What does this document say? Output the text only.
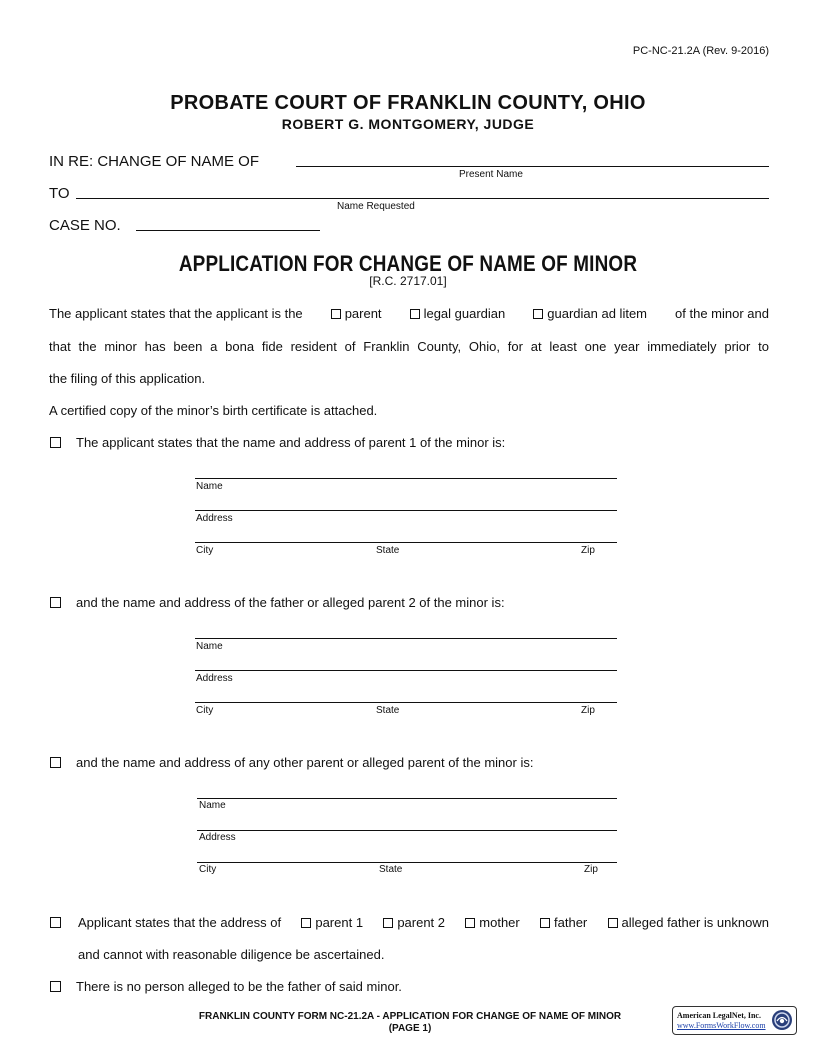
PC-NC-21.2A (Rev. 9-2016)
PROBATE COURT OF FRANKLIN COUNTY, OHIO
ROBERT G. MONTGOMERY, JUDGE
IN RE: CHANGE OF NAME OF
Present Name
TO
Name Requested
CASE NO.
APPLICATION FOR CHANGE OF NAME OF MINOR
[R.C. 2717.01]
The applicant states that the applicant is the	parent	legal guardian	guardian ad litem of the minor and
that the minor has been a bona fide resident of Franklin County, Ohio, for at least one year immediately prior to
the filing of this application.
A certified copy of the minor’s birth certificate is attached.
The applicant states that the name and address of parent 1 of the minor is:
Name
Address
City	State	Zip
and the name and address of the father or alleged parent 2 of the minor is:
Name
Address
City	State	Zip
and the name and address of any other parent or alleged parent of the minor is:
Name
Address
City	State	Zip
Applicant states that the address of	parent 1	parent 2	mother	father	alleged father is unknown
and cannot with reasonable diligence be ascertained.
There is no person alleged to be the father of said minor.
FRANKLIN COUNTY FORM NC-21.2A - APPLICATION FOR CHANGE OF NAME OF MINOR
(PAGE 1)
American LegalNet, Inc.
www.FormsWorkFlow.com
